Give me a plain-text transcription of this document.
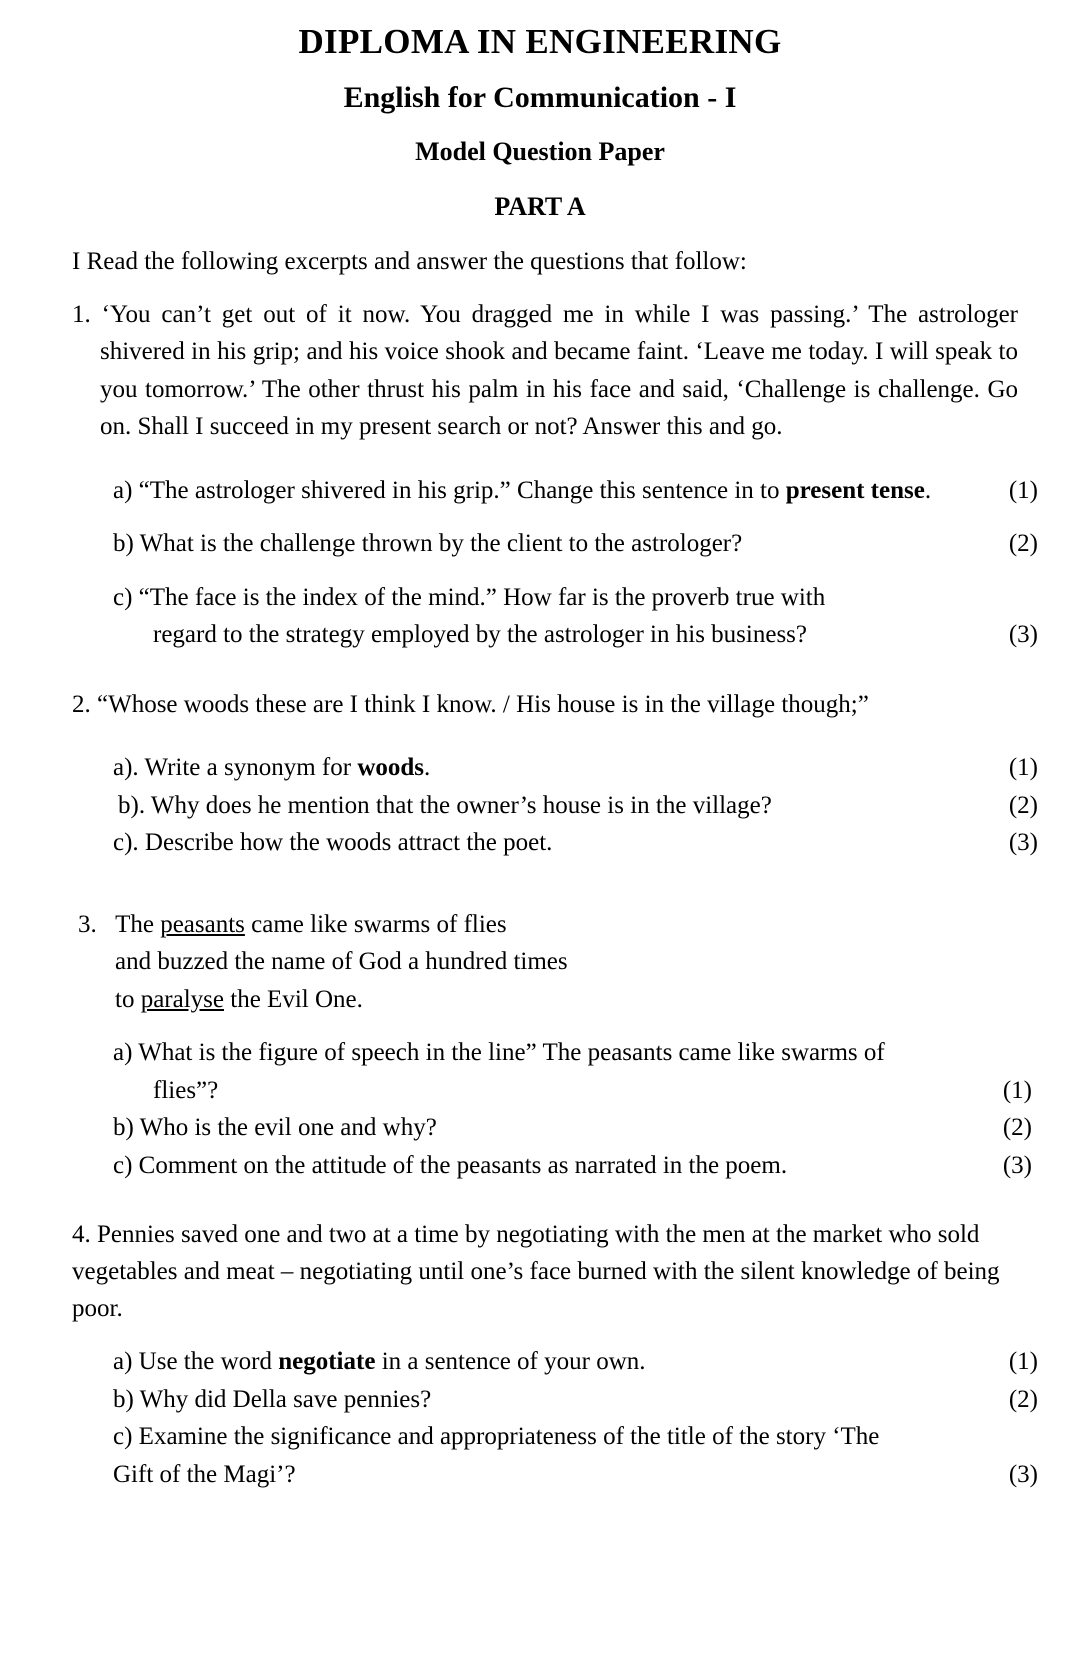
DIPLOMA IN ENGINEERING
English for Communication - I
Model Question Paper
PART A
I Read the following excerpts and answer the questions that follow:
1. ‘You can’t get out of it now. You dragged me in while I was passing.’ The astrologer shivered in his grip; and his voice shook and became faint. ‘Leave me today. I will speak to you tomorrow.’ The other thrust his palm in his face and said, ‘Challenge is challenge. Go on. Shall I succeed in my present search or not? Answer this and go.
a) “The astrologer shivered in his grip.” Change this sentence in to present tense.	(1)
b) What is the challenge thrown by the client to the astrologer?	(2)
c) “The face is the index of the mind.” How far is the proverb true with
regard to the strategy employed by the astrologer in his business?	(3)
2. “Whose woods these are I think I know. / His house is in the village though;”
a). Write a synonym for woods.	(1)
b). Why does he mention that the owner’s house is in the village?	(2)
c). Describe how the woods attract the poet.	(3)
3. The peasants came like swarms of flies
and buzzed the name of God a hundred times
to paralyse the Evil One.
a) What is the figure of speech in the line” The peasants came like swarms of
flies”?	(1)
b) Who is the evil one and why?	(2)
c) Comment on the attitude of the peasants as narrated in the poem.	(3)
4. Pennies saved one and two at a time by negotiating with the men at the market who sold vegetables and meat – negotiating until one’s face burned with the silent knowledge of being poor.
a) Use the word negotiate in a sentence of your own.	(1)
b) Why did Della save pennies?	(2)
c) Examine the significance and appropriateness of the title of the story ‘The
Gift of the Magi’?	(3)
